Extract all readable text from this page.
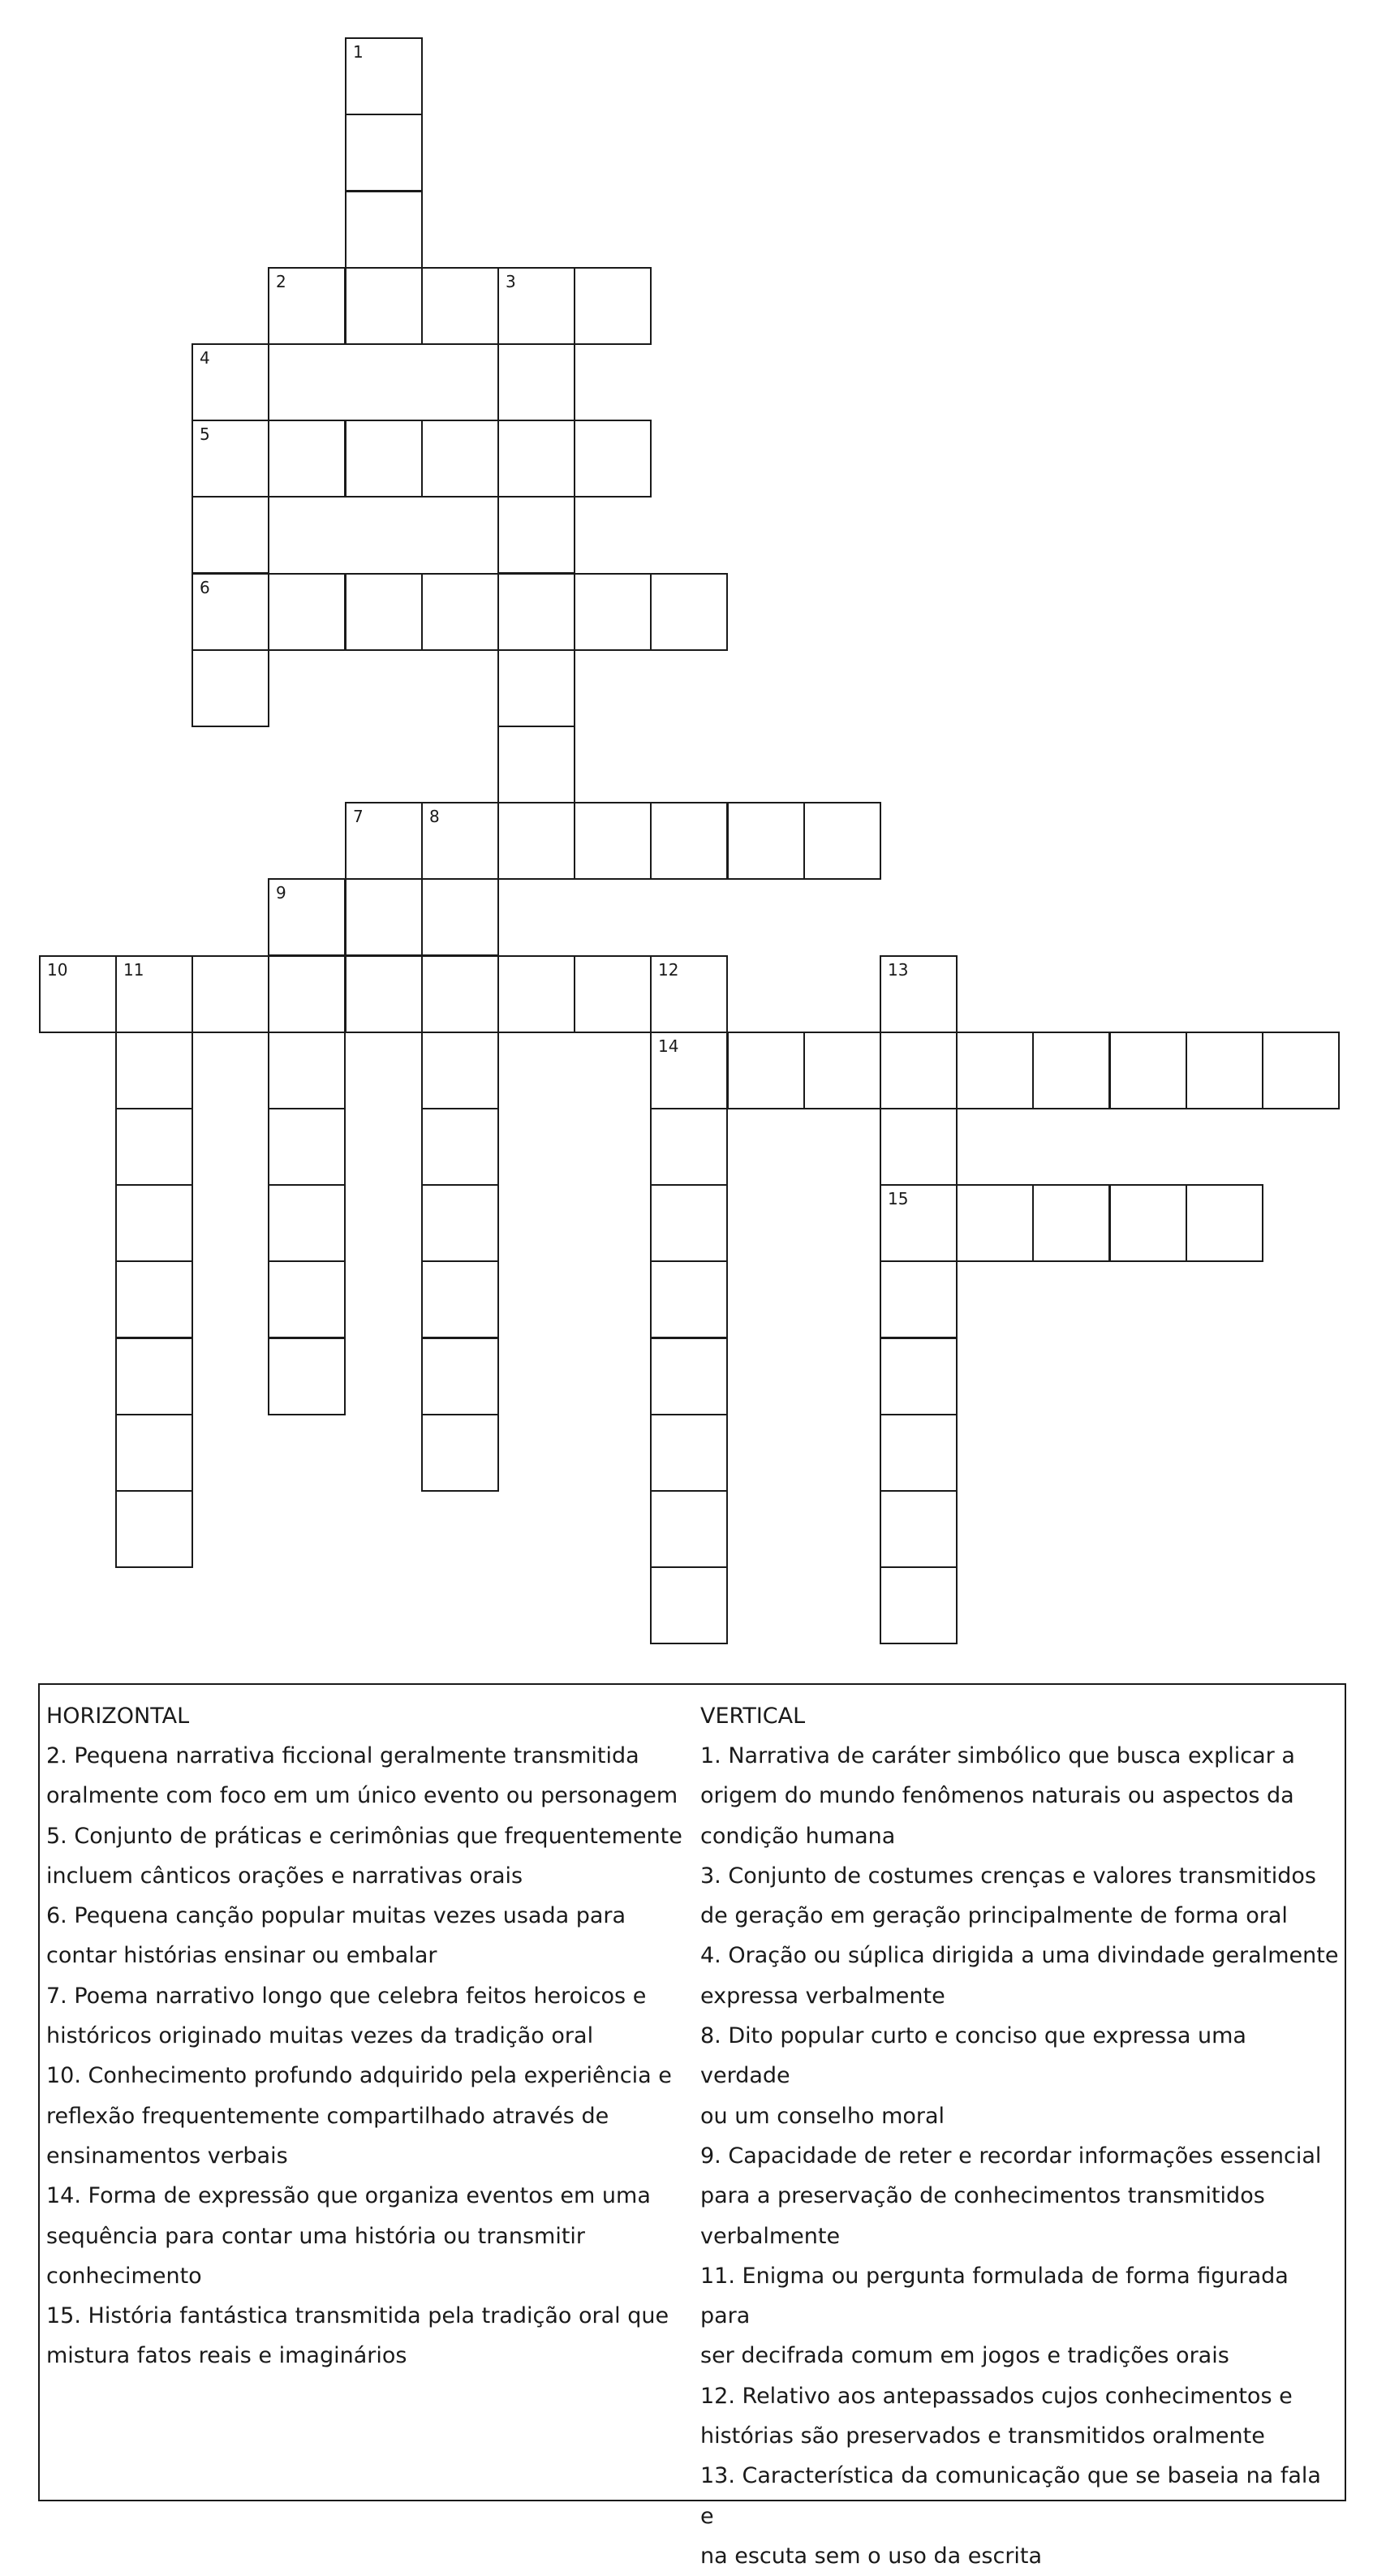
1
2	3
4
5
6
7	8
9
10	11	12	13
14
15
HORIZONTAL

2. Pequena narrativa ficcional geralmente transmitida

oralmente com foco em um único evento ou personagem

5. Conjunto de práticas e cerimônias que frequentemente

incluem cânticos orações e narrativas orais

6. Pequena canção popular muitas vezes usada para

contar histórias ensinar ou embalar

7. Poema narrativo longo que celebra feitos heroicos e

históricos originado muitas vezes da tradição oral

10. Conhecimento profundo adquirido pela experiência e

reflexão frequentemente compartilhado através de

ensinamentos verbais

14. Forma de expressão que organiza eventos em uma

sequência para contar uma história ou transmitir

conhecimento

15. História fantástica transmitida pela tradição oral que

mistura fatos reais e imaginários

VERTICAL

1. Narrativa de caráter simbólico que busca explicar a

origem do mundo fenômenos naturais ou aspectos da

condição humana

3. Conjunto de costumes crenças e valores transmitidos

de geração em geração principalmente de forma oral

4. Oração ou súplica dirigida a uma divindade geralmente

expressa verbalmente

8. Dito popular curto e conciso que expressa uma verdade

ou um conselho moral

9. Capacidade de reter e recordar informações essencial

para a preservação de conhecimentos transmitidos

verbalmente

11. Enigma ou pergunta formulada de forma figurada para

ser decifrada comum em jogos e tradições orais

12. Relativo aos antepassados cujos conhecimentos e

histórias são preservados e transmitidos oralmente

13. Característica da comunicação que se baseia na fala e

na escuta sem o uso da escrita
